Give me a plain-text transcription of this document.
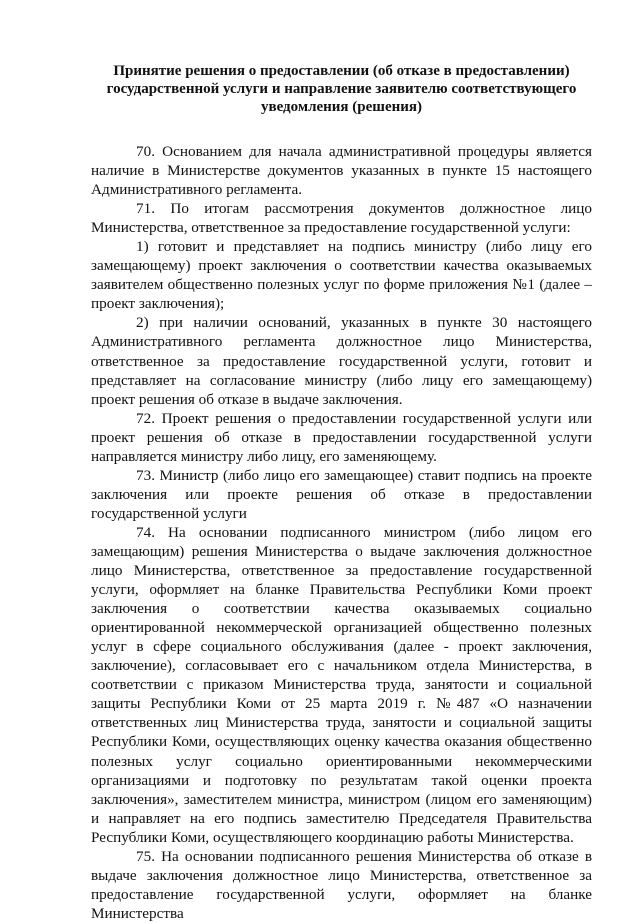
Принятие решения о предоставлении (об отказе в предоставлении)
государственной услуги и направление заявителю соответствующего
уведомления (решения)

70. Основанием для начала административной процедуры является наличие в Министерстве документов указанных в пункте 15 настоящего Административного регламента.

71. По итогам рассмотрения документов должностное лицо Министерства, ответственное за предоставление государственной услуги:

1) готовит и представляет на подпись министру (либо лицу его замещающему) проект заключения о соответствии качества оказываемых заявителем общественно полезных услуг по форме приложения №1 (далее – проект заключения);

2) при наличии оснований, указанных в пункте 30 настоящего Административного регламента должностное лицо Министерства, ответственное за предоставление государственной услуги, готовит и представляет на согласование министру (либо лицу его замещающему) проект решения об отказе в выдаче заключения.

72. Проект решения о предоставлении государственной услуги или проект решения об отказе в предоставлении государственной услуги направляется министру либо лицу, его заменяющему.

73. Министр (либо лицо его замещающее) ставит подпись на проекте заключения или проекте решения об отказе в предоставлении государственной услуги

74. На основании подписанного министром (либо лицом его замещающим) решения Министерства о выдаче заключения должностное лицо Министерства, ответственное за предоставление государственной услуги, оформляет на бланке Правительства Республики Коми проект заключения о соответствии качества оказываемых социально ориентированной некоммерческой организацией общественно полезных услуг в сфере социального обслуживания (далее - проект заключения, заключение), согласовывает его с начальником отдела Министерства, в соответствии с приказом Министерства труда, занятости и социальной защиты Республики Коми от 25 марта 2019 г. №487 «О назначении ответственных лиц Министерства труда, занятости и социальной защиты Республики Коми, осуществляющих оценку качества оказания общественно полезных услуг социально ориентированными некоммерческими организациями и подготовку по результатам такой оценки проекта заключения», заместителем министра, министром (лицом его заменяющим) и направляет на его подпись заместителю Председателя Правительства Республики Коми, осуществляющего координацию работы Министерства.

75. На основании подписанного решения Министерства об отказе в выдаче заключения должностное лицо Министерства, ответственное за предоставление государственной услуги, оформляет на бланке Министерства
